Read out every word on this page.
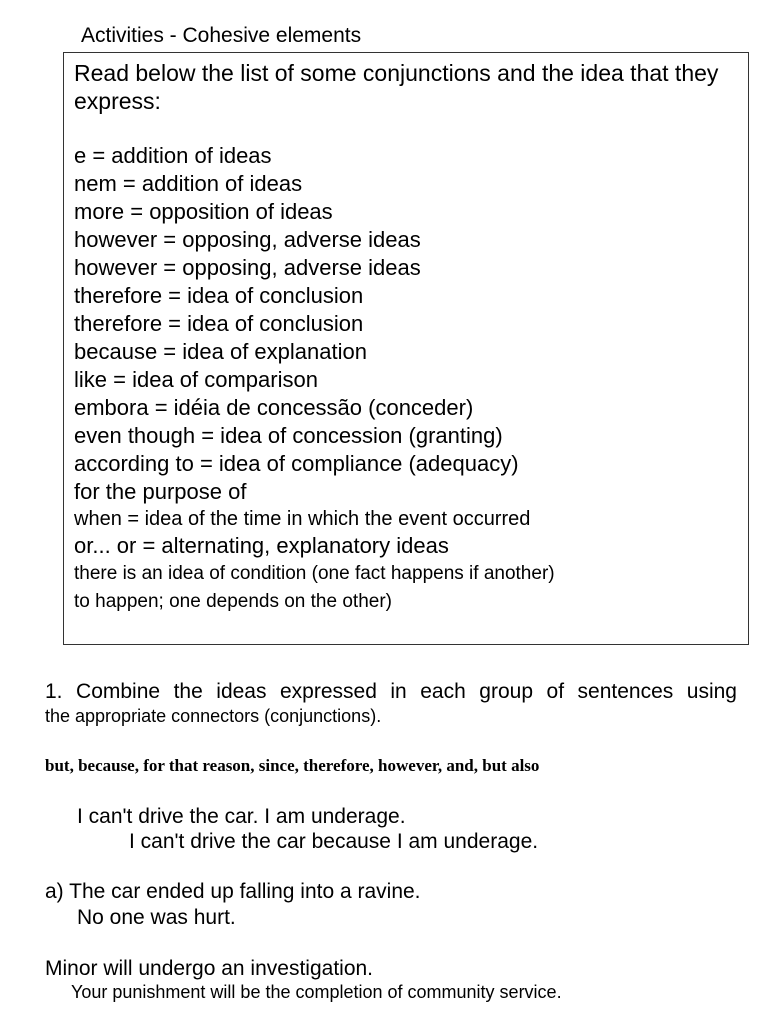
Activities - Cohesive elements
Read below the list of some conjunctions and the idea that they express:
e = addition of ideas
nem = addition of ideas
more = opposition of ideas
however = opposing, adverse ideas
however = opposing, adverse ideas
therefore = idea of conclusion
therefore = idea of conclusion
because = idea of explanation
like = idea of comparison
embora = idéia de concessão (conceder)
even though = idea of concession (granting)
according to = idea of compliance (adequacy)
for the purpose of
when = idea of the time in which the event occurred
or... or = alternating, explanatory ideas
there is an idea of condition (one fact happens if another)
to happen; one depends on the other)
1. Combine the ideas expressed in each group of sentences using
the appropriate connectors (conjunctions).
but, because, for that reason, since, therefore, however, and, but also
I can't drive the car. I am underage.
I can't drive the car because I am underage.
a) The car ended up falling into a ravine.
No one was hurt.
Minor will undergo an investigation.
Your punishment will be the completion of community service.
